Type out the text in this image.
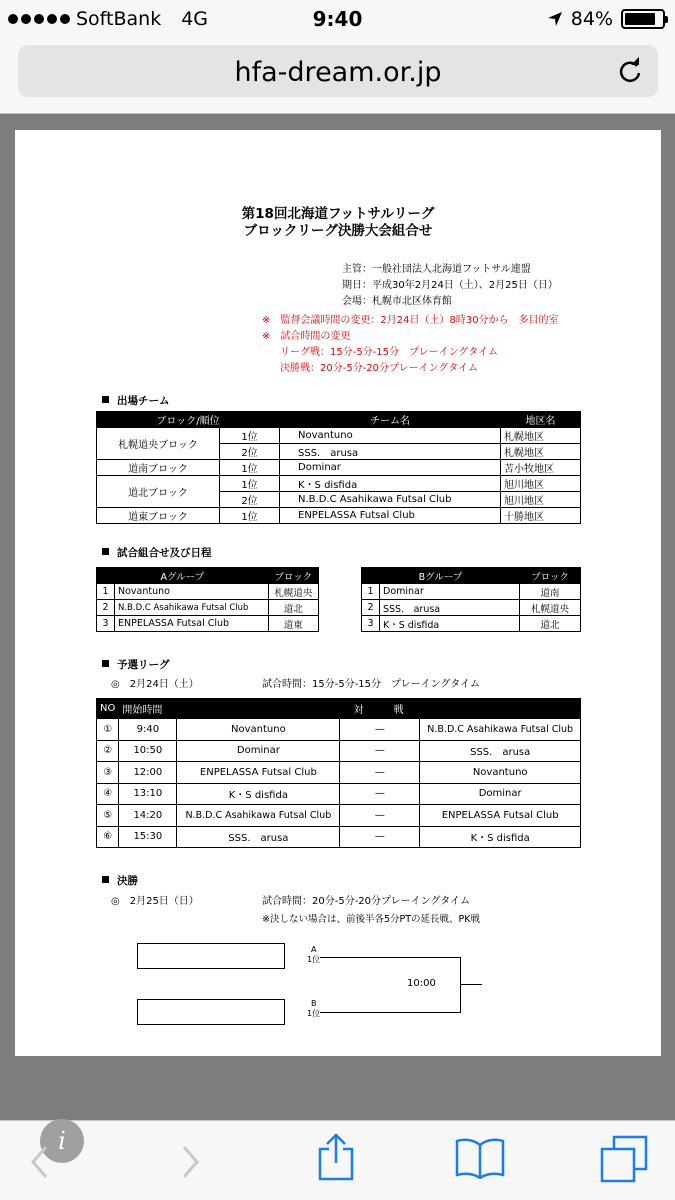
SoftBank 4G	9:40	84%
hfa-dream.or.jp
第18回北海道フットサルリーグ
ブロックリーグ決勝大会組合せ
主管：一般社団法人北海道フットサル連盟
期日：平成30年2月24日（土）、2月25日（日）
会場：札幌市北区体育館
※　監督会議時間の変更：2月24日（土）8時30分から　多目的室
※　試合時間の変更
リーグ戦：15分-5分-15分　プレーイングタイム
決勝戦：20分-5分-20分プレーイングタイム
出場チーム
ブロック/順位		チーム名	地区名
札幌道央ブロック	1位	Novantuno	札幌地区
	2位	SSS.　arusa	札幌地区
道南ブロック	1位	Dominar	苫小牧地区
道北ブロック	1位	K・S disfida	旭川地区
	2位	N.B.D.C Asahikawa Futsal Club	旭川地区
道東ブロック	1位	ENPELASSA Futsal Club	十勝地区
試合組合せ及び日程
Aグループ		ブロック
1	Novantuno	札幌道央
2	N.B.D.C Asahikawa Futsal Club	道北
3	ENPELASSA Futsal Club	道東
Bグループ		ブロック
1	Dominar	道南
2	SSS.　arusa	札幌道央
3	K・S disfida	道北
予選リーグ
◎　2月24日（土）	試合時間：15分-5分-15分　プレーイングタイム
NO	開始時間	対　　　戦		
①	9:40	Novantuno	—	N.B.D.C Asahikawa Futsal Club
②	10:50	Dominar	—	SSS.　arusa
③	12:00	ENPELASSA Futsal Club	—	Novantuno
④	13:10	K・S disfida	—	Dominar
⑤	14:20	N.B.D.C Asahikawa Futsal Club	—	ENPELASSA Futsal Club
⑥	15:30	SSS.　arusa	—	K・S disfida
決勝
◎　2月25日（日）	試合時間：20分-5分-20分プレーイングタイム
※決しない場合は、前後半各5分PTの延長戦、PK戦
A
1位
B
1位
10:00
i
